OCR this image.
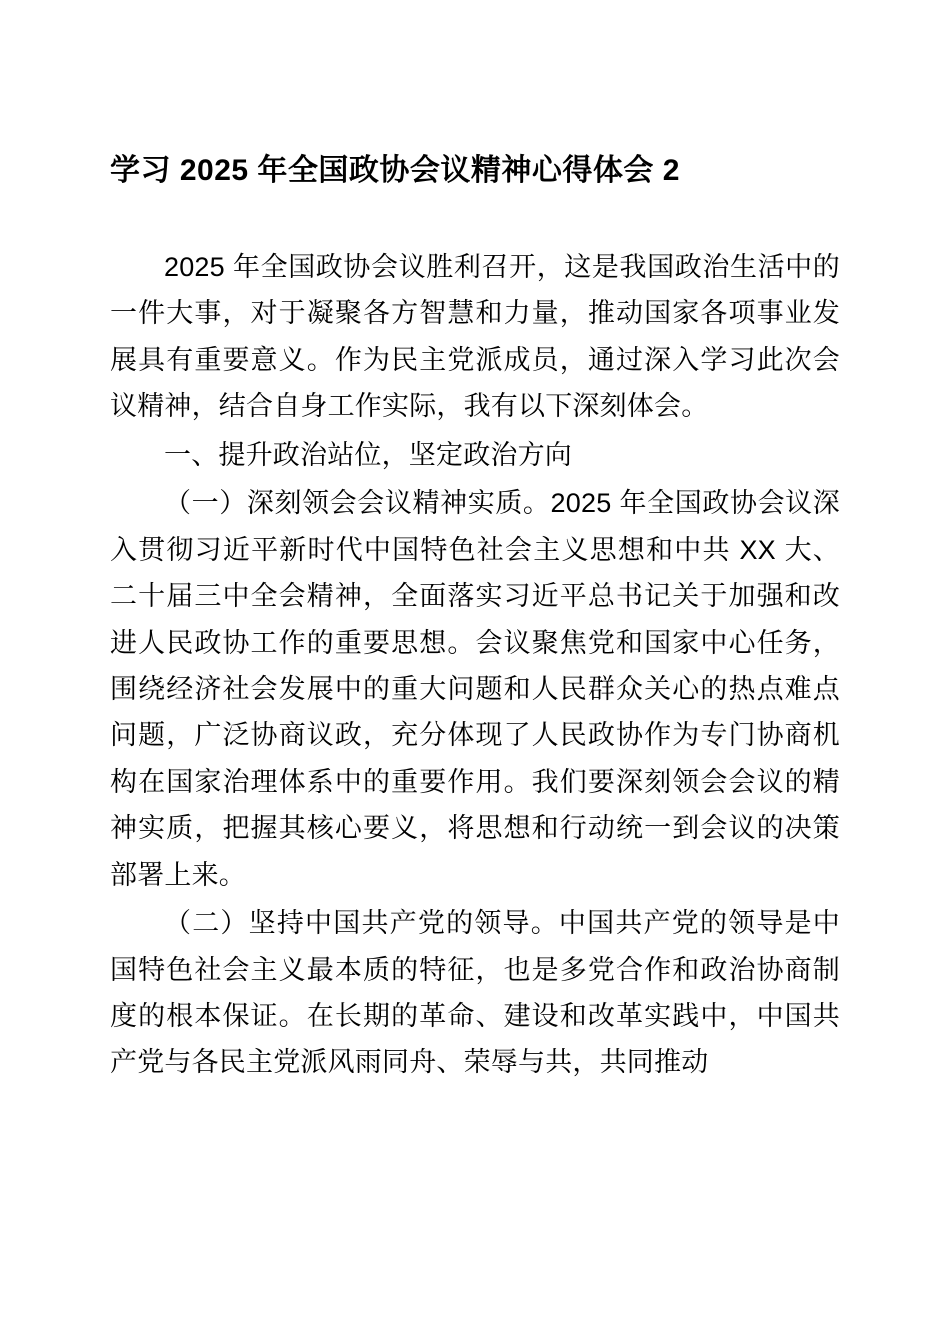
学习 2025 年全国政协会议精神心得体会 2

2025 年全国政协会议胜利召开，这是我国政治生活中的一件大事，对于凝聚各方智慧和力量，推动国家各项事业发展具有重要意义。作为民主党派成员，通过深入学习此次会议精神，结合自身工作实际，我有以下深刻体会。

一、提升政治站位，坚定政治方向

（一）深刻领会会议精神实质。2025 年全国政协会议深入贯彻习近平新时代中国特色社会主义思想和中共 XX 大、二十届三中全会精神，全面落实习近平总书记关于加强和改进人民政协工作的重要思想。会议聚焦党和国家中心任务，围绕经济社会发展中的重大问题和人民群众关心的热点难点问题，广泛协商议政，充分体现了人民政协作为专门协商机构在国家治理体系中的重要作用。我们要深刻领会会议的精神实质，把握其核心要义，将思想和行动统一到会议的决策部署上来。

（二）坚持中国共产党的领导。中国共产党的领导是中国特色社会主义最本质的特征，也是多党合作和政治协商制度的根本保证。在长期的革命、建设和改革实践中，中国共产党与各民主党派风雨同舟、荣辱与共，共同推动
